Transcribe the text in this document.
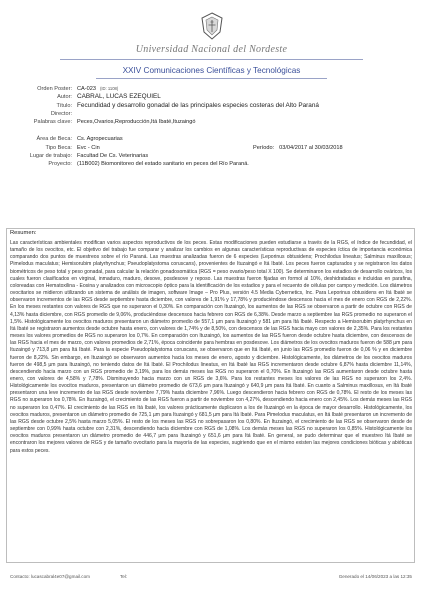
Universidad Nacional del Nordeste
XXIV Comunicaciones Científicas y Tecnológicas
Orden Poster: CA-023 (ID: 1108)
Autor: CABRAL, LUCAS EZEQUIEL
Título: Fecundidad y desarrollo gonadal de las principales especies costeras del Alto Paraná
Director:
Palabras clave: Peces,Ovarios,Reproducción,Itá Ibaté,Ituzaingó
Área de Beca: Cs. Agropecuarias
Tipo Beca: Evc - Cin	Período: 03/04/2017 al 30/03/2018
Lugar de trabajo: Facultad De Cs. Veterinarias
Proyecto: (11B002) Biomonitoreo del estado sanitario en peces del Río Paraná.
Resumen:
Las características ambientales modifican varios aspectos reproductivos de los peces. Estas modificaciones pueden estudiarse a través de la RGS, el índice de fecundidad, el tamaño de los ovocitos, etc. El objetivo del trabajo fue comparar y analizar los cambios en algunas características reproductivas de especies íctica de importancia económica comparando dos puntos de muestreos sobre el río Paraná. Las muestras analizadas fueron de 6 especies (Leporinus obtusidens; Prochilodus lineatus; Salminus maxillosus; Pimelodus maculatus; Hemisorubim platyrhynchus; Pseudoplatystoma coruscans), provenientes de Ituzaingó e Itá Ibaté. Los peces fueron capturados y se registraron los datos biométricos de peso total y peso gonadal, para calcular la relación gonadosomática (RGS = peso ovario/peso total X 100). Se determinaron los estadios de desarrollo ováricos, los cuales fueron clasificados en virginal, inmaduro, maduro, desove, posdesove y reposo. Las muestras fueron fijadas en formol al 10%, deshidratadas e incluidas en parafina, coloreadas con Hematoxilina - Eosina y analizados con microscopio óptico para la identificación de los estadios y para el recuento de células por campo y medición. Los diámetros ovocitarios se midieron utilizando un sistema de análisis de imagen, software Image – Pro Plus, versión 4.5 Media Cybernetics, Inc. Para Leporinus obtusidens en Itá Ibaté se observaron incrementos de las RGS desde septiembre hasta diciembre, con valores de 1,91% y 17,78% y produciéndose descensos hacia el mes de enero con RGS de 2,22%. En los meses restantes con valores de RGS que no superaron el 0,30%. En comparación con Ituzaingó, los aumentos de las RGS se observaron a partir de octubre con RGS de 4,13% hasta diciembre, con RGS promedio de 9,06%, produciéndose descensos hacia febrero con RGS de 6,38%. Desde marzo a septiembre las RGS promedio no superaron el 1,5%. Histológicamente los ovocitos maduros presentaron un diámetro promedio de 557,1 µm para Ituzaingó y 581 µm para Itá Ibaté. Respecto a Hemisorubim platyrhynchus en Itá Ibaté se registraron aumentos desde octubre hasta enero, con valores de 1,74% y de 8,50%, con descensos de las RGS hacia mayo con valores de 2,35%. Para los restantes meses los valores promedios de RGS no superaron los 0,7%. En comparación con Ituzaingó, los aumentos de las RGS fueron desde octubre hasta diciembre, con descensos de las RGS hacia el mes de marzo, con valores promedios de 2,71%, época coincidente para hembras en posdesove. Los diámetros de los ovocitos maduros fueron de 588 µm para Ituzaingó y 713,8 µm para Itá Ibaté. Para la especie Pseudoplatystoma coruscans, se observaron que en Itá Ibaté, en junio las RGS promedio fueron de 0,06 % y en diciembre fueron de 8,22%. Sin embargo, en Ituzaingó se observaron aumentos hacia los meses de enero, agosto y diciembre. Histológicamente, los diámetros de los ovocitos maduros fueron de 498,5 µm para Ituzaingó, no teniendo datos de Itá Ibaté. El Prochilodus lineatus, en Itá Ibaté las RGS incrementaron desde octubre 6,87% hasta diciembre 11,14%, descendiendo hacia marzo con un RGS promedio de 3,19%, para los demás meses las RGS no superaron el 0,70%. En Ituzaingó las RGS aumentaron desde octubre hasta enero, con valores de 4,58% y 7,78%. Disminuyendo hacia marzo con un RGS de 3,6%. Para los restantes meses los valores de las RGS no superaron los 2,4%. Histológicamente los ovocitos maduros, presentaron un diámetro promedio de 673,6 µm para Ituzaingó y 640,9 µm para Itá Ibaté. En cuanto a Salminus maxillosus, en Itá Ibaté presentaron una leve incremento de las RGS desde noviembre 7,79% hasta diciembre 7,96%. Luego descendieron hacia febrero con RGS de 0,78%. El resto de los meses las RGS no superaron los 0,78%. En Ituzaingó, el crecimiento de las RGS fueron a partir de noviembre con 4,27%, descendiendo hacia enero con 2,45%. Los demás meses las RGS no superaron los 0,47%. El crecimiento de las RGS en Itá Ibaté, los valores prácticamente duplicaron a los de Ituzaingó en la época de mayor desarrollo. Histológicamente, los ovocitos maduros, presentaron un diámetro promedio de 725,1 µm para Ituzaingó y 681,5 µm para Itá Ibaté. Para Pimelodus maculatus, en Itá Ibaté presentaron un incremento de las RGS desde octubre 2,5% hasta marzo 5,05%. El resto de los meses las RGS no sobrepasaron los 0,80%. En Ituzaingó, el crecimiento de las RGS se observaron desde de septiembre con 0,99% hasta octubre con 2,31%, descendiendo hacia diciembre con RGS de 1,08%. Los demás meses las RGS no superaron los 0,85%. Histológicamente los ovocitos maduros presentaron un diámetro promedio de 446,7 µm para Ituzaingó y 651,6 µm para Itá Ibaté. En general, se pudo determinar que el muestreo Itá Ibaté se encontraron los mejores valores de RGS y de tamaño ovocitario para la mayoría de las especies, sugiriendo que en el mismo existen las mejores condiciones bióticas y abióticas para estos peces.
Contacto: lucascabral4e07@gmail.com	Tel:	Generado el 14/06/2023 a las 12:35
